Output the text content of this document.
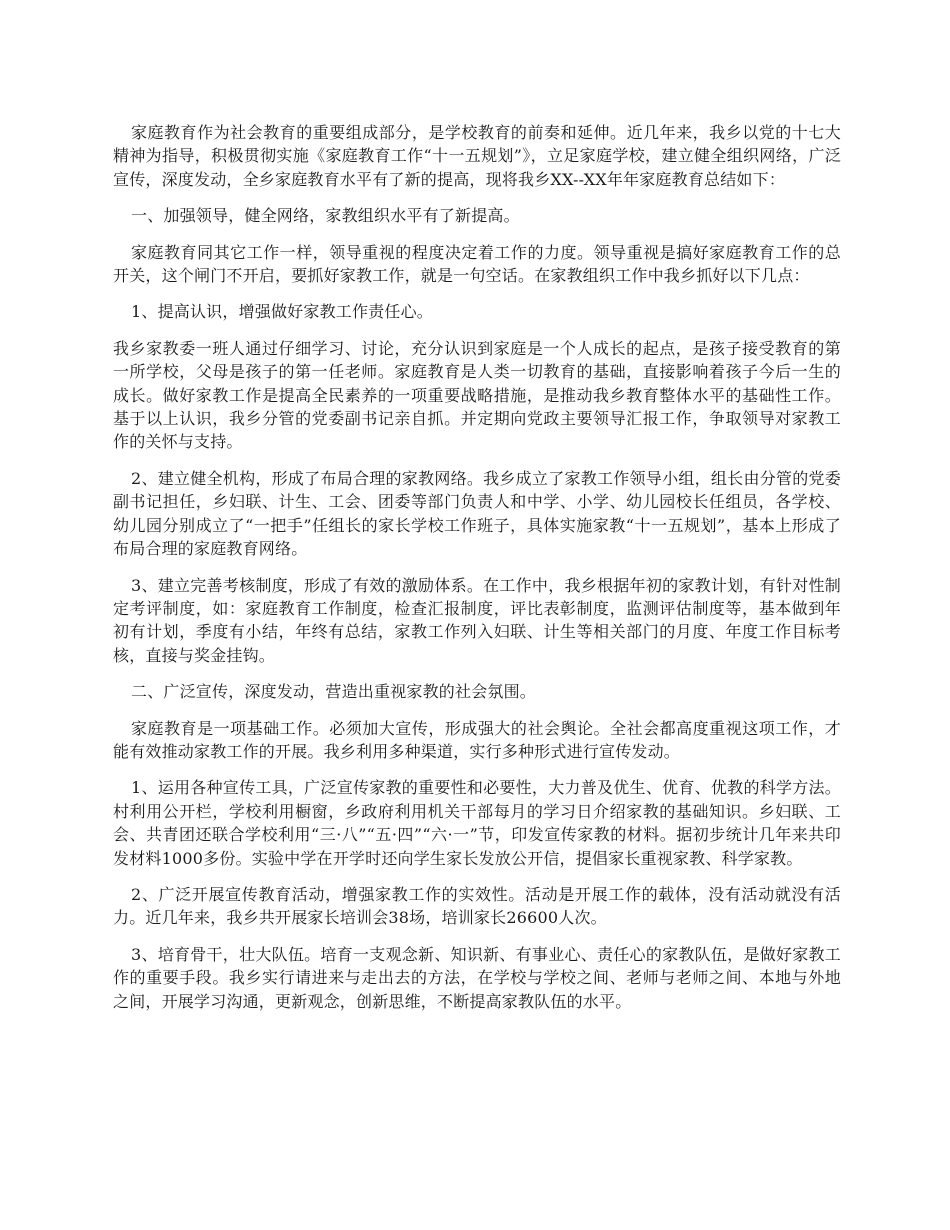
家庭教育作为社会教育的重要组成部分，是学校教育的前奏和延伸。近几年来，我乡以党的十七大精神为指导，积极贯彻实施《家庭教育工作“十一五规划”》，立足家庭学校，建立健全组织网络，广泛宣传，深度发动，全乡家庭教育水平有了新的提高，现将我乡XX--XX年年家庭教育总结如下：

一、加强领导，健全网络，家教组织水平有了新提高。

家庭教育同其它工作一样，领导重视的程度决定着工作的力度。领导重视是搞好家庭教育工作的总开关，这个闸门不开启，要抓好家教工作，就是一句空话。在家教组织工作中我乡抓好以下几点：

1、提高认识，增强做好家教工作责任心。

我乡家教委一班人通过仔细学习、讨论，充分认识到家庭是一个人成长的起点，是孩子接受教育的第一所学校，父母是孩子的第一任老师。家庭教育是人类一切教育的基础，直接影响着孩子今后一生的成长。做好家教工作是提高全民素养的一项重要战略措施，是推动我乡教育整体水平的基础性工作。基于以上认识，我乡分管的党委副书记亲自抓。并定期向党政主要领导汇报工作，争取领导对家教工作的关怀与支持。

2、建立健全机构，形成了布局合理的家教网络。我乡成立了家教工作领导小组，组长由分管的党委副书记担任，乡妇联、计生、工会、团委等部门负责人和中学、小学、幼儿园校长任组员，各学校、幼儿园分别成立了“一把手”任组长的家长学校工作班子，具体实施家教“十一五规划”，基本上形成了布局合理的家庭教育网络。

3、建立完善考核制度，形成了有效的激励体系。在工作中，我乡根据年初的家教计划，有针对性制定考评制度，如：家庭教育工作制度，检查汇报制度，评比表彰制度，监测评估制度等，基本做到年初有计划，季度有小结，年终有总结，家教工作列入妇联、计生等相关部门的月度、年度工作目标考核，直接与奖金挂钩。

二、广泛宣传，深度发动，营造出重视家教的社会氛围。

家庭教育是一项基础工作。必须加大宣传，形成强大的社会舆论。全社会都高度重视这项工作，才能有效推动家教工作的开展。我乡利用多种渠道，实行多种形式进行宣传发动。

1、运用各种宣传工具，广泛宣传家教的重要性和必要性，大力普及优生、优育、优教的科学方法。村利用公开栏，学校利用橱窗，乡政府利用机关干部每月的学习日介绍家教的基础知识。乡妇联、工会、共青团还联合学校利用“三·八”“五·四”“六·一”节，印发宣传家教的材料。据初步统计几年来共印发材料1000多份。实验中学在开学时还向学生家长发放公开信，提倡家长重视家教、科学家教。

2、广泛开展宣传教育活动，增强家教工作的实效性。活动是开展工作的载体，没有活动就没有活力。近几年来，我乡共开展家长培训会38场，培训家长26600人次。

3、培育骨干，壮大队伍。培育一支观念新、知识新、有事业心、责任心的家教队伍，是做好家教工作的重要手段。我乡实行请进来与走出去的方法，在学校与学校之间、老师与老师之间、本地与外地之间，开展学习沟通，更新观念，创新思维，不断提高家教队伍的水平。
